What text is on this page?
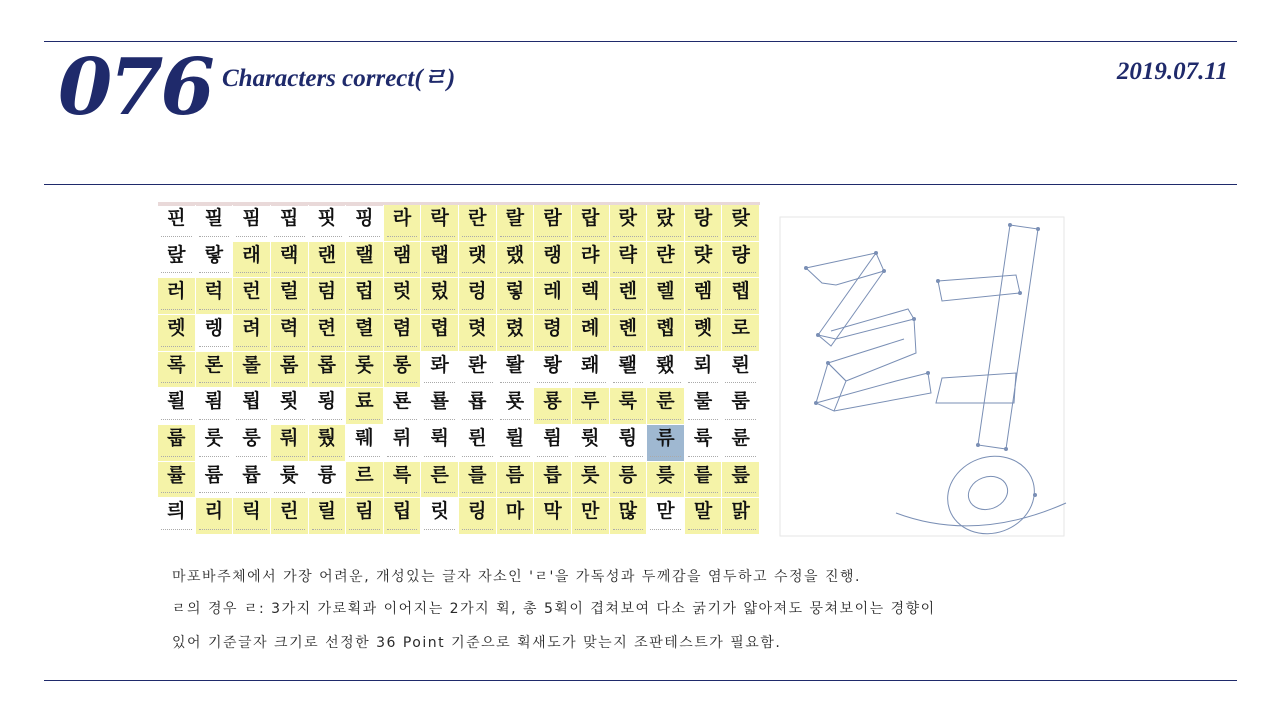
076 Characters correct(ㄹ)	2019.07.11
핀	필	핌	핍	핏	핑	라	락	란	랄	람	랍	랏	랐	랑	랒
랖	랗	래	랙	랜	랠	램	랩	랫	랬	랭	랴	략	랸	럇	량
러	럭	런	럴	럼	럽	럿	렀	렁	렇	레	렉	렌	렐	렘	렙
렛	렝	려	력	련	렬	렴	렵	렷	렸	령	례	롄	롑	롓	로
록	론	롤	롬	롭	롯	롱	롸	롼	뢀	뢍	뢔	뢜	뢨	뢰	뢴
뢸	룀	룁	룃	룅	료	룐	룔	룝	룟	룡	루	룩	룬	룰	룸
룹	룻	룽	뤄	뤘	뤠	뤼	뤽	륀	륄	륌	륏	륑	류	륙	륜
률	륨	륩	륫	륭	르	륵	른	를	름	릅	릇	릉	릊	릍	릎
릐	리	릭	린	릴	림	립	릿	링	마	막	만	많	맏	말	맑
마포바주체에서 가장 어려운, 개성있는 글자 자소인 'ㄹ'을 가독성과 두께감을 염두하고 수정을 진행.
ㄹ의 경우 ㄹ: 3가지 가로획과 이어지는 2가지 획, 총 5획이 겹쳐보여 다소 굵기가 얇아져도 뭉쳐보이는 경향이
있어 기준글자 크기로 선정한 36 Point 기준으로 획새도가 맞는지 조판테스트가 필요함.
